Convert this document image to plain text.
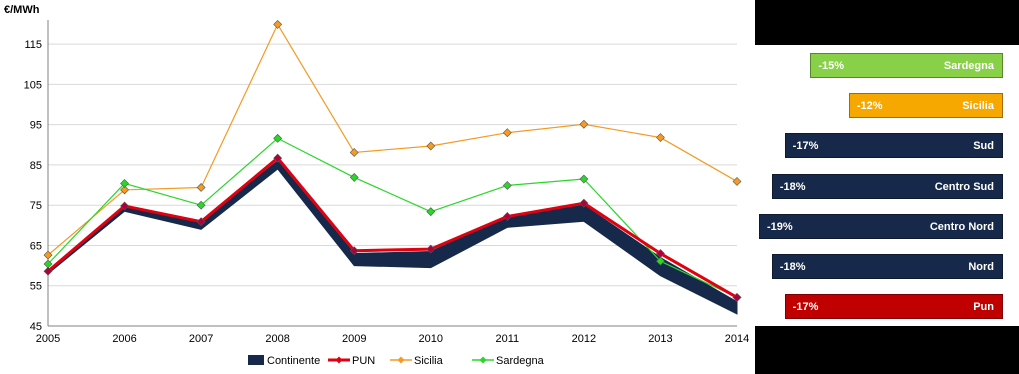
45
55
65
75
85
95
105
115
2005	2006	2007	2008	2009	2010	2011	2012	2013	2014
€/MWh
Continente	PUN	Sicilia	Sardegna
-15%	Sardegna
-12%	Sicilia
-17%	Sud
-18%	Centro Sud
-19%	Centro Nord
-18%	Nord
-17%	Pun
